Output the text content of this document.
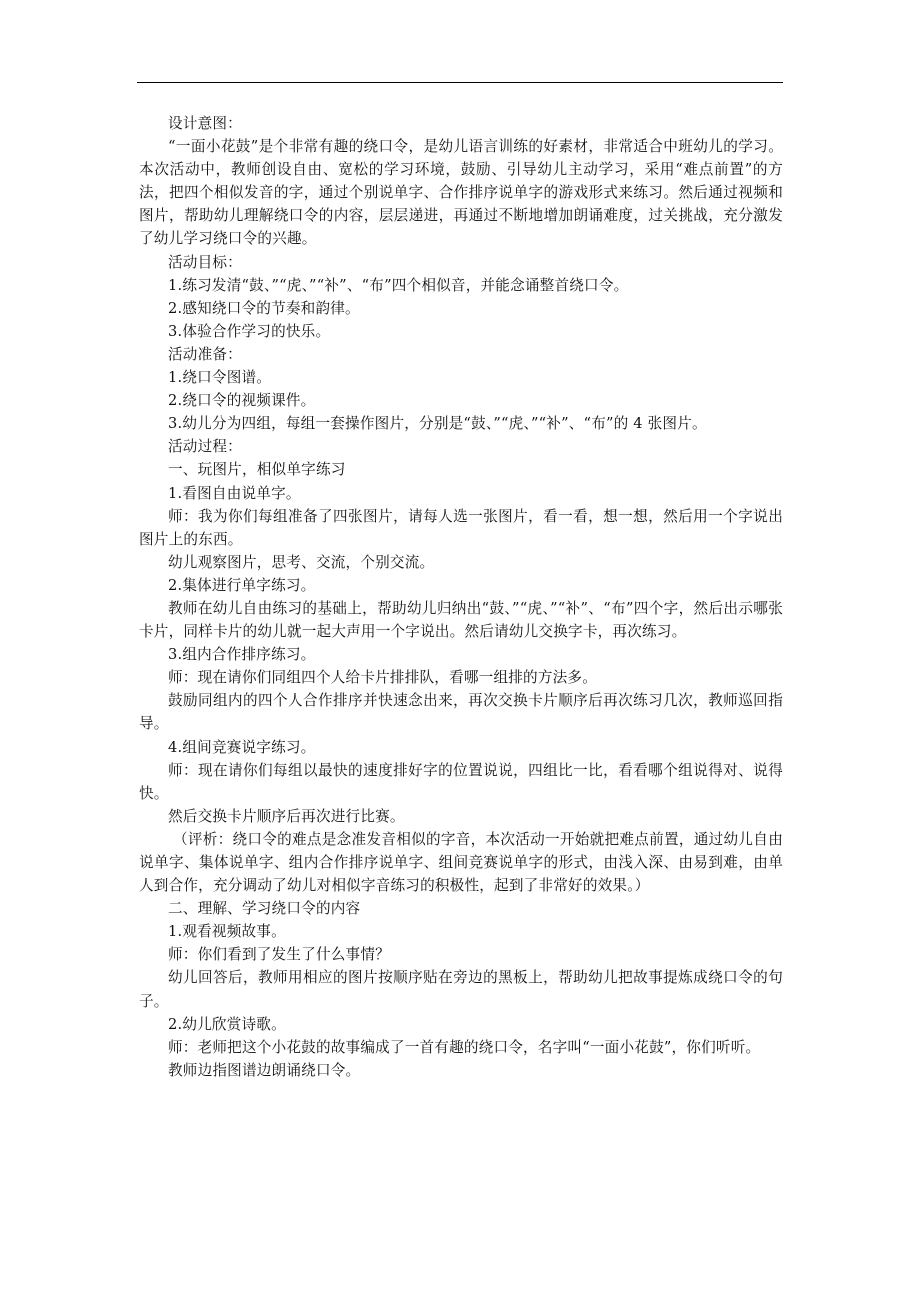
设计意图：

“一面小花鼓”是个非常有趣的绕口令，是幼儿语言训练的好素材，非常适合中班幼儿的学习。本次活动中，教师创设自由、宽松的学习环境，鼓励、引导幼儿主动学习，采用“难点前置”的方法，把四个相似发音的字，通过个别说单字、合作排序说单字的游戏形式来练习。然后通过视频和图片，帮助幼儿理解绕口令的内容，层层递进，再通过不断地增加朗诵难度，过关挑战，充分激发了幼儿学习绕口令的兴趣。

活动目标：

1.练习发清“鼓、”“虎、”“补”、“布”四个相似音，并能念诵整首绕口令。

2.感知绕口令的节奏和韵律。

3.体验合作学习的快乐。

活动准备：

1.绕口令图谱。

2.绕口令的视频课件。

3.幼儿分为四组，每组一套操作图片，分别是“鼓、”“虎、”“补”、“布”的 4 张图片。

活动过程：

一、玩图片，相似单字练习

1.看图自由说单字。

师：我为你们每组准备了四张图片，请每人选一张图片，看一看，想一想，然后用一个字说出图片上的东西。

幼儿观察图片，思考、交流，个别交流。

2.集体进行单字练习。

教师在幼儿自由练习的基础上，帮助幼儿归纳出“鼓、”“虎、”“补”、“布”四个字，然后出示哪张卡片，同样卡片的幼儿就一起大声用一个字说出。然后请幼儿交换字卡，再次练习。

3.组内合作排序练习。

师：现在请你们同组四个人给卡片排排队，看哪一组排的方法多。

鼓励同组内的四个人合作排序并快速念出来，再次交换卡片顺序后再次练习几次，教师巡回指导。

4.组间竞赛说字练习。

师：现在请你们每组以最快的速度排好字的位置说说，四组比一比，看看哪个组说得对、说得快。

然后交换卡片顺序后再次进行比赛。

（评析：绕口令的难点是念准发音相似的字音，本次活动一开始就把难点前置，通过幼儿自由说单字、集体说单字、组内合作排序说单字、组间竞赛说单字的形式，由浅入深、由易到难，由单人到合作，充分调动了幼儿对相似字音练习的积极性，起到了非常好的效果。）

二、理解、学习绕口令的内容

1.观看视频故事。

师：你们看到了发生了什么事情？

幼儿回答后，教师用相应的图片按顺序贴在旁边的黑板上，帮助幼儿把故事提炼成绕口令的句子。

2.幼儿欣赏诗歌。

师：老师把这个小花鼓的故事编成了一首有趣的绕口令，名字叫“一面小花鼓”，你们听听。

教师边指图谱边朗诵绕口令。
